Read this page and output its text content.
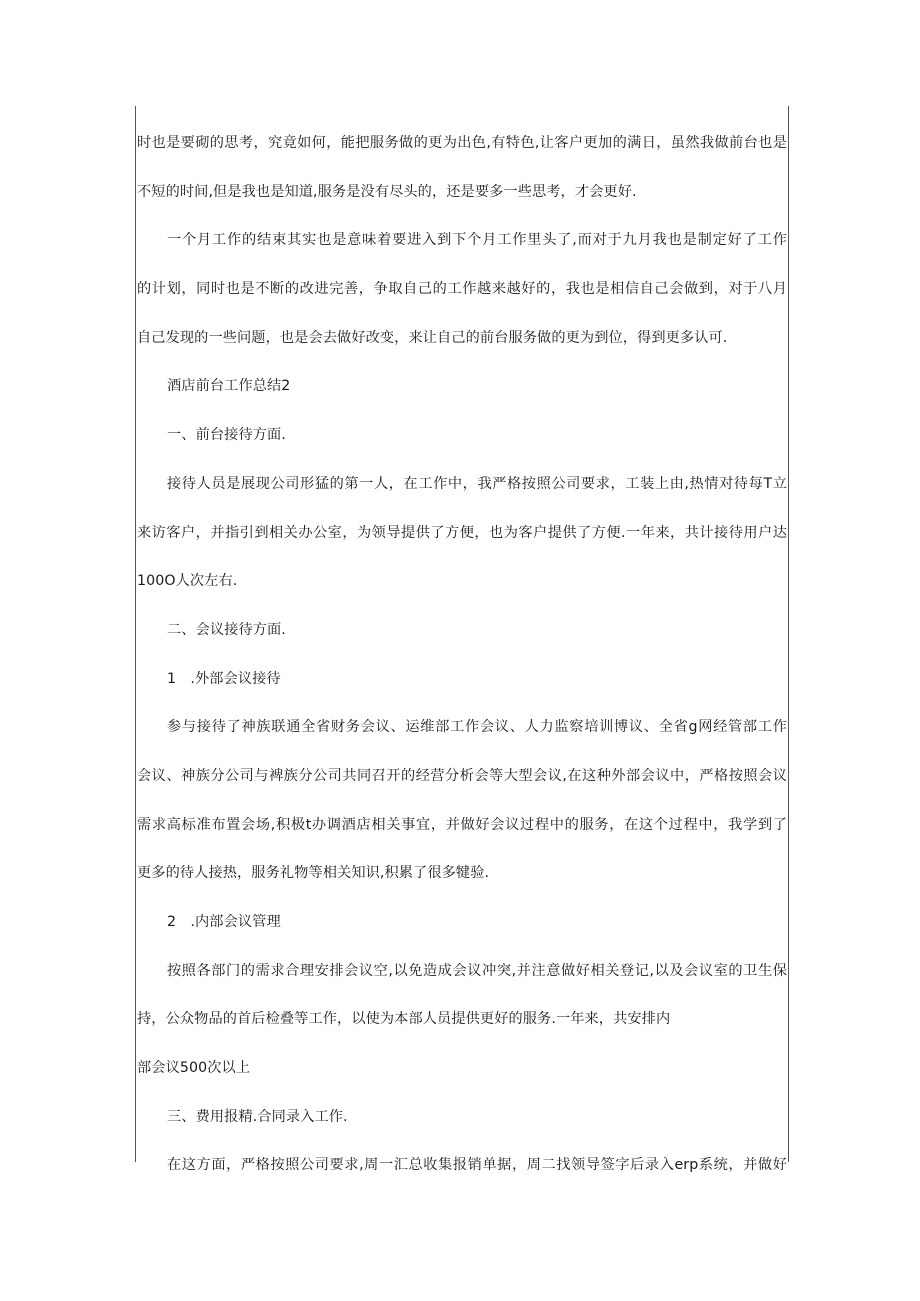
时也是要砌的思考，究竟如何，能把服务做的更为出色,有特色,让客户更加的满日，虽然我做前台也是
不短的时间,但是我也是知道,服务是没有尽头的，还是要多一些思考，才会更好.
一个月工作的结束其实也是意味着要进入到下个月工作里头了,而对于九月我也是制定好了工作
的计划，同时也是不断的改进完善，争取自己的工作越来越好的，我也是相信自己会做到，对于八月
自己发现的一些问题，也是会去做好改变，来让自己的前台服务做的更为到位，得到更多认可.
酒店前台工作总结2
一、前台接待方面.
接待人员是展现公司形猛的第一人，在工作中，我严格按照公司要求，工装上由,热情对待每T立
来访客户，并指引到相关办公室，为领导提供了方便，也为客户提供了方便.一年来，共计接待用户达
100O人次左右.
二、会议接待方面.
1　.外部会议接待
参与接待了神族联通全省财务会议、运维部工作会议、人力监察培训博议、全省g网经管部工作
会议、神族分公司与裨族分公司共同召开的经营分析会等大型会议,在这种外部会议中，严格按照会议
需求高标准布置会场,积极t办调酒店相关事宜，并做好会议过程中的服务，在这个过程中，我学到了
更多的待人接热，服务礼物等相关知识,积累了很多犍验.
2　.内部会议管理
按照各部门的需求合理安排会议空,以免造成会议冲突,并注意做好相关登记,以及会议室的卫生保
持，公众物品的首后检叠等工作，以使为本部人员提供更好的服务.一年来，共安排内
部会议500次以上
三、费用报精.合同录入工作.
在这方面，严格按照公司要求,周一汇总收集报销单据，周二找领导签字后录入erp系统，并做好
